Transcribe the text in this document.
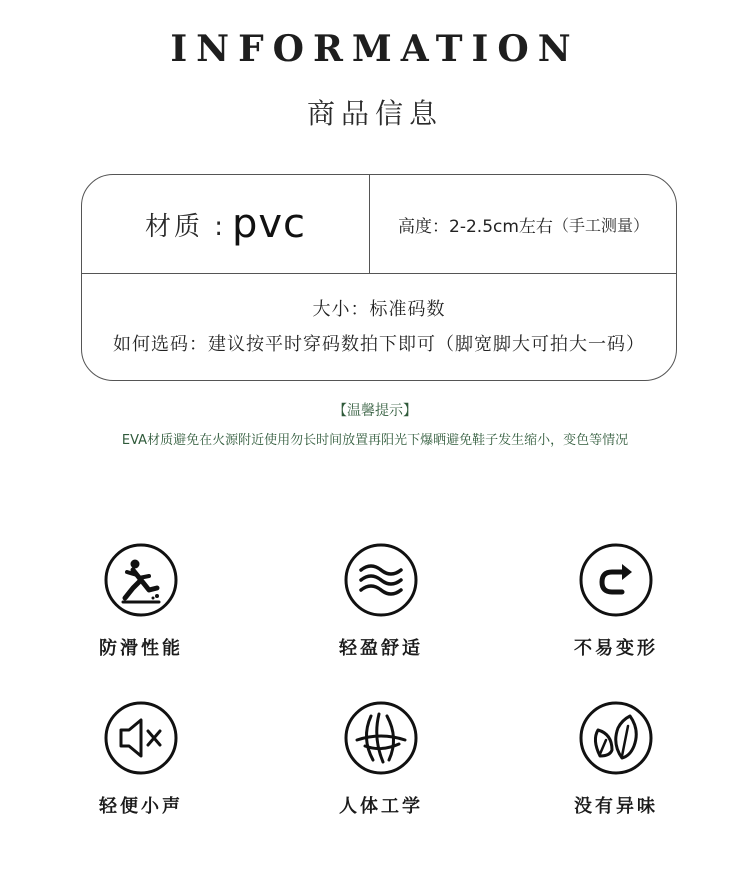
INFORMATION
商品信息
材质 : pvc	高度：2-2.5cm左右 （手工测量）
大小：标准码数
如何选码：建议按平时穿码数拍下即可（脚宽脚大可拍大一码）
【温馨提示】
EVA材质避免在火源附近使用勿长时间放置再阳光下爆晒避免鞋子发生缩小，变色等情况
防滑性能	轻盈舒适	不易变形
轻便小声	人体工学	没有异味
